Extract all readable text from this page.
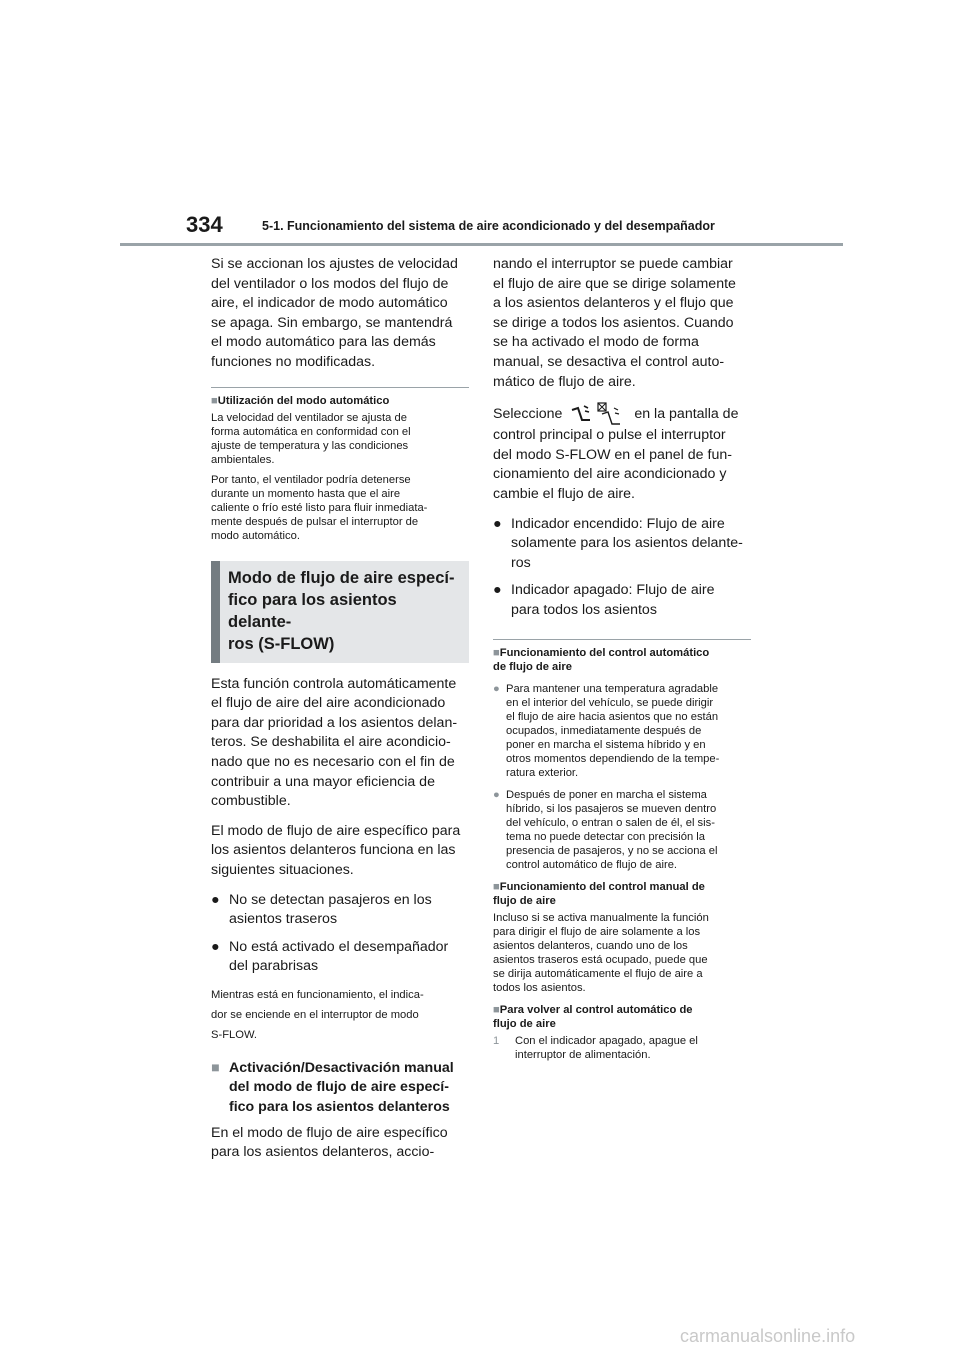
334	5-1. Funcionamiento del sistema de aire acondicionado y del desempañador

Si se accionan los ajustes de velocidad
del ventilador o los modos del flujo de
aire, el indicador de modo automático
se apaga. Sin embargo, se mantendrá
el modo automático para las demás
funciones no modificadas.

■Utilización del modo automático

La velocidad del ventilador se ajusta de
forma automática en conformidad con el
ajuste de temperatura y las condiciones
ambientales.

Por tanto, el ventilador podría detenerse
durante un momento hasta que el aire
caliente o frío esté listo para fluir inmediata-
mente después de pulsar el interruptor de
modo automático.

Modo de flujo de aire especí-
fico para los asientos delante-
ros (S-FLOW)

Esta función controla automáticamente
el flujo de aire del aire acondicionado
para dar prioridad a los asientos delan-
teros. Se deshabilita el aire acondicio-
nado que no es necesario con el fin de
contribuir a una mayor eficiencia de
combustible.

El modo de flujo de aire específico para
los asientos delanteros funciona en las
siguientes situaciones.

● No se detectan pasajeros en los
asientos traseros
● No está activado el desempañador
del parabrisas

Mientras está en funcionamiento, el indica-
dor se enciende en el interruptor de modo
S-FLOW.

■ Activación/Desactivación manual
del modo de flujo de aire especí-
fico para los asientos delanteros

En el modo de flujo de aire específico
para los asientos delanteros, accio-

nando el interruptor se puede cambiar
el flujo de aire que se dirige solamente
a los asientos delanteros y el flujo que
se dirige a todos los asientos. Cuando
se ha activado el modo de forma
manual, se desactiva el control auto-
mático de flujo de aire.

Seleccione	en la pantalla de
control principal o pulse el interruptor
del modo S-FLOW en el panel de fun-
cionamiento del aire acondicionado y
cambie el flujo de aire.

● Indicador encendido: Flujo de aire
solamente para los asientos delante-
ros
● Indicador apagado: Flujo de aire
para todos los asientos

■Funcionamiento del control automático
de flujo de aire

● Para mantener una temperatura agradable
en el interior del vehículo, se puede dirigir
el flujo de aire hacia asientos que no están
ocupados, inmediatamente después de
poner en marcha el sistema híbrido y en
otros momentos dependiendo de la tempe-
ratura exterior.
● Después de poner en marcha el sistema
híbrido, si los pasajeros se mueven dentro
del vehículo, o entran o salen de él, el sis-
tema no puede detectar con precisión la
presencia de pasajeros, y no se acciona el
control automático de flujo de aire.

■Funcionamiento del control manual de
flujo de aire

Incluso si se activa manualmente la función
para dirigir el flujo de aire solamente a los
asientos delanteros, cuando uno de los
asientos traseros está ocupado, puede que
se dirija automáticamente el flujo de aire a
todos los asientos.

■Para volver al control automático de
flujo de aire

1 Con el indicador apagado, apague el
interruptor de alimentación.
carmanualsonline.info
